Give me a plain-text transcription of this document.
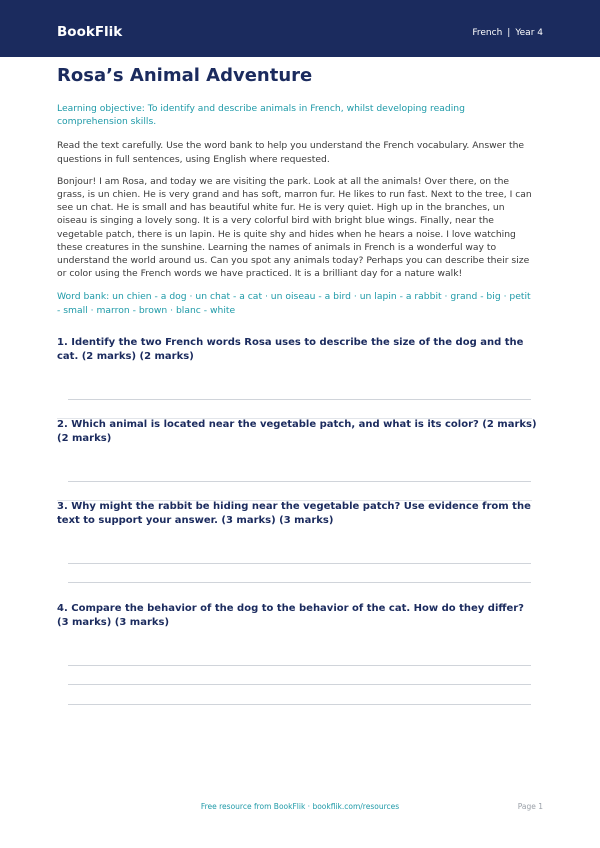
BookFlik	French | Year 4
Rosa’s Animal Adventure

Learning objective: To identify and describe animals in French, whilst developing reading comprehension skills.

Read the text carefully. Use the word bank to help you understand the French vocabulary. Answer the questions in full sentences, using English where requested.

Bonjour! I am Rosa, and today we are visiting the park. Look at all the animals! Over there, on the grass, is un chien. He is very grand and has soft, marron fur. He likes to run fast. Next to the tree, I can see un chat. He is small and has beautiful white fur. He is very quiet. High up in the branches, un oiseau is singing a lovely song. It is a very colorful bird with bright blue wings. Finally, near the vegetable patch, there is un lapin. He is quite shy and hides when he hears a noise. I love watching these creatures in the sunshine. Learning the names of animals in French is a wonderful way to understand the world around us. Can you spot any animals today? Perhaps you can describe their size or color using the French words we have practiced. It is a brilliant day for a nature walk!

Word bank: un chien - a dog · un chat - a cat · un oiseau - a bird · un lapin - a rabbit · grand - big · petit - small · marron - brown · blanc - white

1. Identify the two French words Rosa uses to describe the size of the dog and the cat. (2 marks) (2 marks)

2. Which animal is located near the vegetable patch, and what is its color? (2 marks) (2 marks)

3. Why might the rabbit be hiding near the vegetable patch? Use evidence from the text to support your answer. (3 marks) (3 marks)

4. Compare the behavior of the dog to the behavior of the cat. How do they differ? (3 marks) (3 marks)

Free resource from BookFlik · bookflik.com/resources	Page 1
